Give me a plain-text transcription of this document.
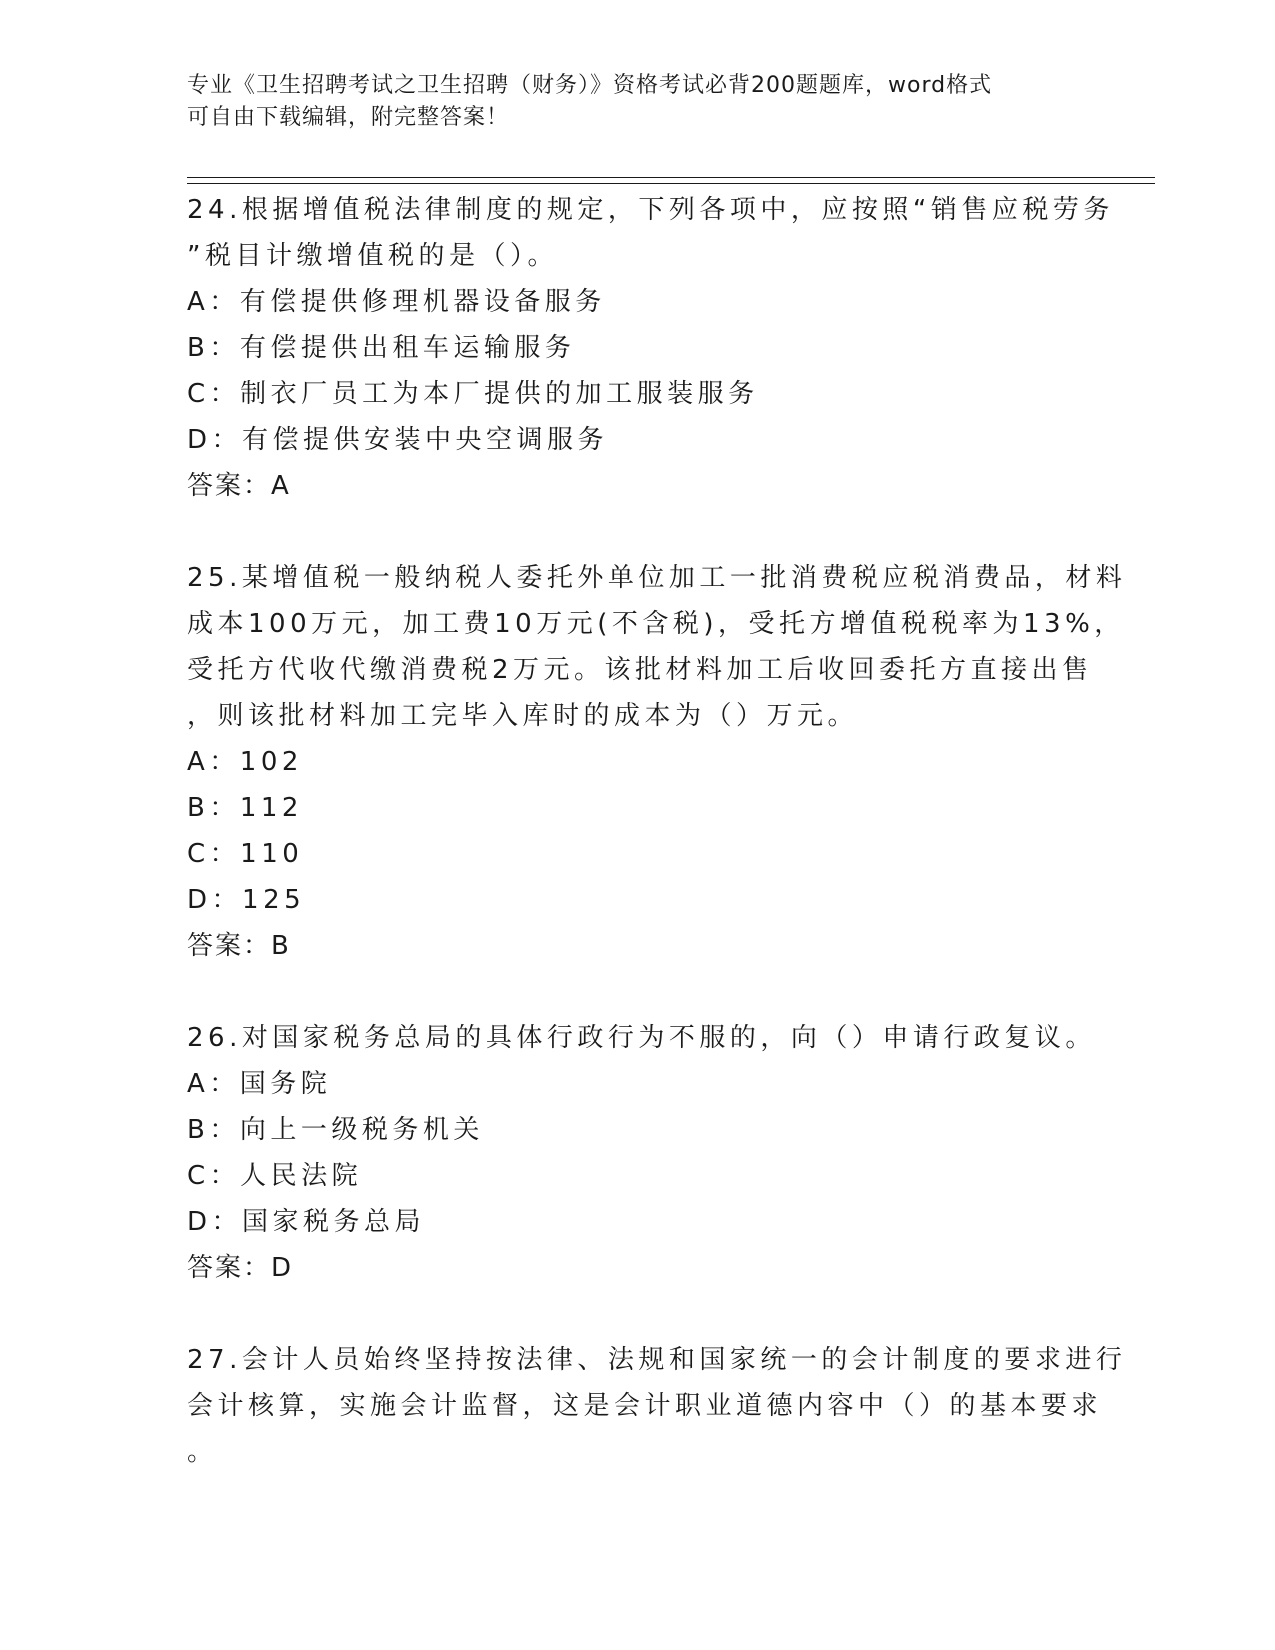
专业《卫生招聘考试之卫生招聘（财务）》资格考试必背200题题库，word格式
可自由下载编辑，附完整答案！
24.根据增值税法律制度的规定，下列各项中，应按照“销售应税劳务
”税目计缴增值税的是（）。
A：有偿提供修理机器设备服务
B：有偿提供出租车运输服务
C：制衣厂员工为本厂提供的加工服装服务
D：有偿提供安装中央空调服务
答案：A
25.某增值税一般纳税人委托外单位加工一批消费税应税消费品，材料
成本100万元，加工费10万元(不含税)，受托方增值税税率为13%，
受托方代收代缴消费税2万元。该批材料加工后收回委托方直接出售
，则该批材料加工完毕入库时的成本为（）万元。
A：102
B：112
C：110
D：125
答案：B
26.对国家税务总局的具体行政行为不服的，向（）申请行政复议。
A：国务院
B：向上一级税务机关
C：人民法院
D：国家税务总局
答案：D
27.会计人员始终坚持按法律、法规和国家统一的会计制度的要求进行
会计核算，实施会计监督，这是会计职业道德内容中（）的基本要求
。
